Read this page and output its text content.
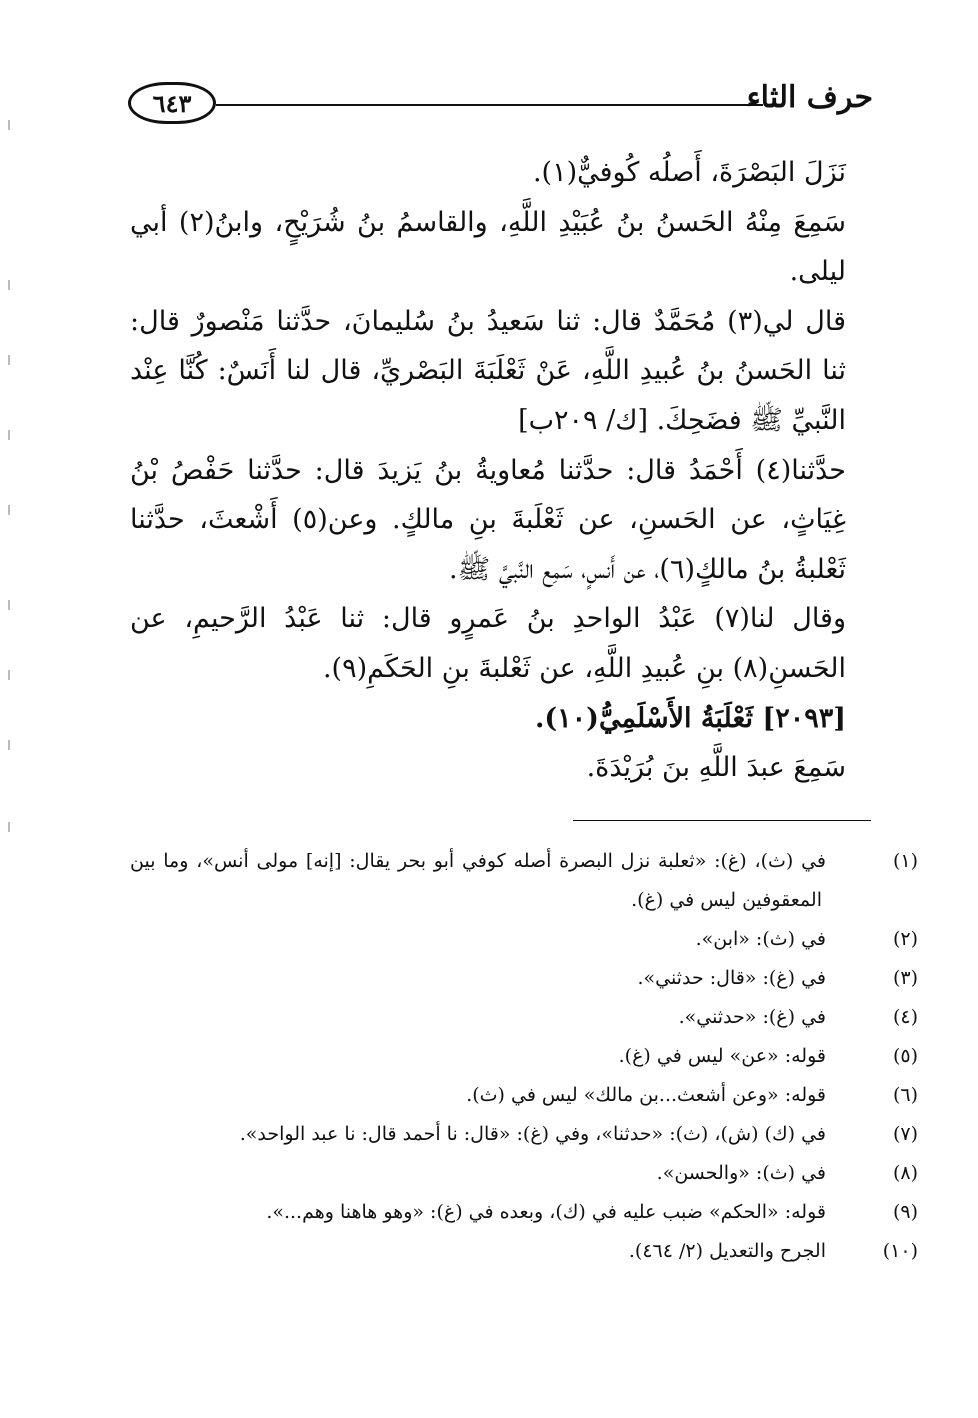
حرف الثاء
٦٤٣

نَزَلَ البَصْرَةَ، أَصلُه كُوفيٌّ(١).

سَمِعَ مِنْهُ الحَسنُ بنُ عُبَيْدِ اللَّهِ، والقاسمُ بنُ شُرَيْحٍ، وابنُ(٢) أبي ليلى.

قال لي(٣) مُحَمَّدٌ قال: ثنا سَعيدُ بنُ سُليمانَ، حدَّثنا مَنْصورٌ قال: ثنا الحَسنُ بنُ عُبيدِ اللَّهِ، عَنْ ثَعْلَبَةَ البَصْريِّ، قال لنا أَنَسٌ: كُنَّا عِنْد النَّبيِّ ﷺ فضَحِكَ. [ك/ ٢٠٩ب]

حدَّثنا(٤) أَحْمَدُ قال: حدَّثنا مُعاويةُ بنُ يَزيدَ قال: حدَّثنا حَفْصُ بْنُ غِيَاثٍ، عن الحَسنِ، عن ثَعْلَبةَ بنِ مالكٍ. وعن(٥) أَشْعثَ، حدَّثنا ثَعْلبةُ بنُ مالكٍ(٦)، عن أَنسٍ، سَمِع النَّبيَّ ﷺ.

وقال لنا(٧) عَبْدُ الواحدِ بنُ عَمرٍو قال: ثنا عَبْدُ الرَّحيمِ، عن الحَسنِ(٨) بنِ عُبيدِ اللَّهِ، عن ثَعْلبةَ بنِ الحَكَمِ(٩).

[٢٠٩٣] ثَعْلَبَةُ الأَسْلَمِيُّ(١٠).

سَمِعَ عبدَ اللَّهِ بنَ بُرَيْدَةَ.

(١)في (ث)، (غ): «ثعلبة نزل البصرة أصله كوفي أبو بحر يقال: [إنه] مولى أنس»، وما بين المعقوفين ليس في (غ).

(٢)في (ث): «ابن».

(٣)في (غ): «قال: حدثني».

(٤)في (غ): «حدثني».

(٥)قوله: «عن» ليس في (غ).

(٦)قوله: «وعن أشعث...بن مالك» ليس في (ث).

(٧)في (ك) (ش)، (ث): «حدثنا»، وفي (غ): «قال: نا أحمد قال: نا عبد الواحد».

(٨)في (ث): «والحسن».

(٩)قوله: «الحكم» ضبب عليه في (ك)، وبعده في (غ): «وهو هاهنا وهم...».

(١٠)الجرح والتعديل (٢/ ٤٦٤).
